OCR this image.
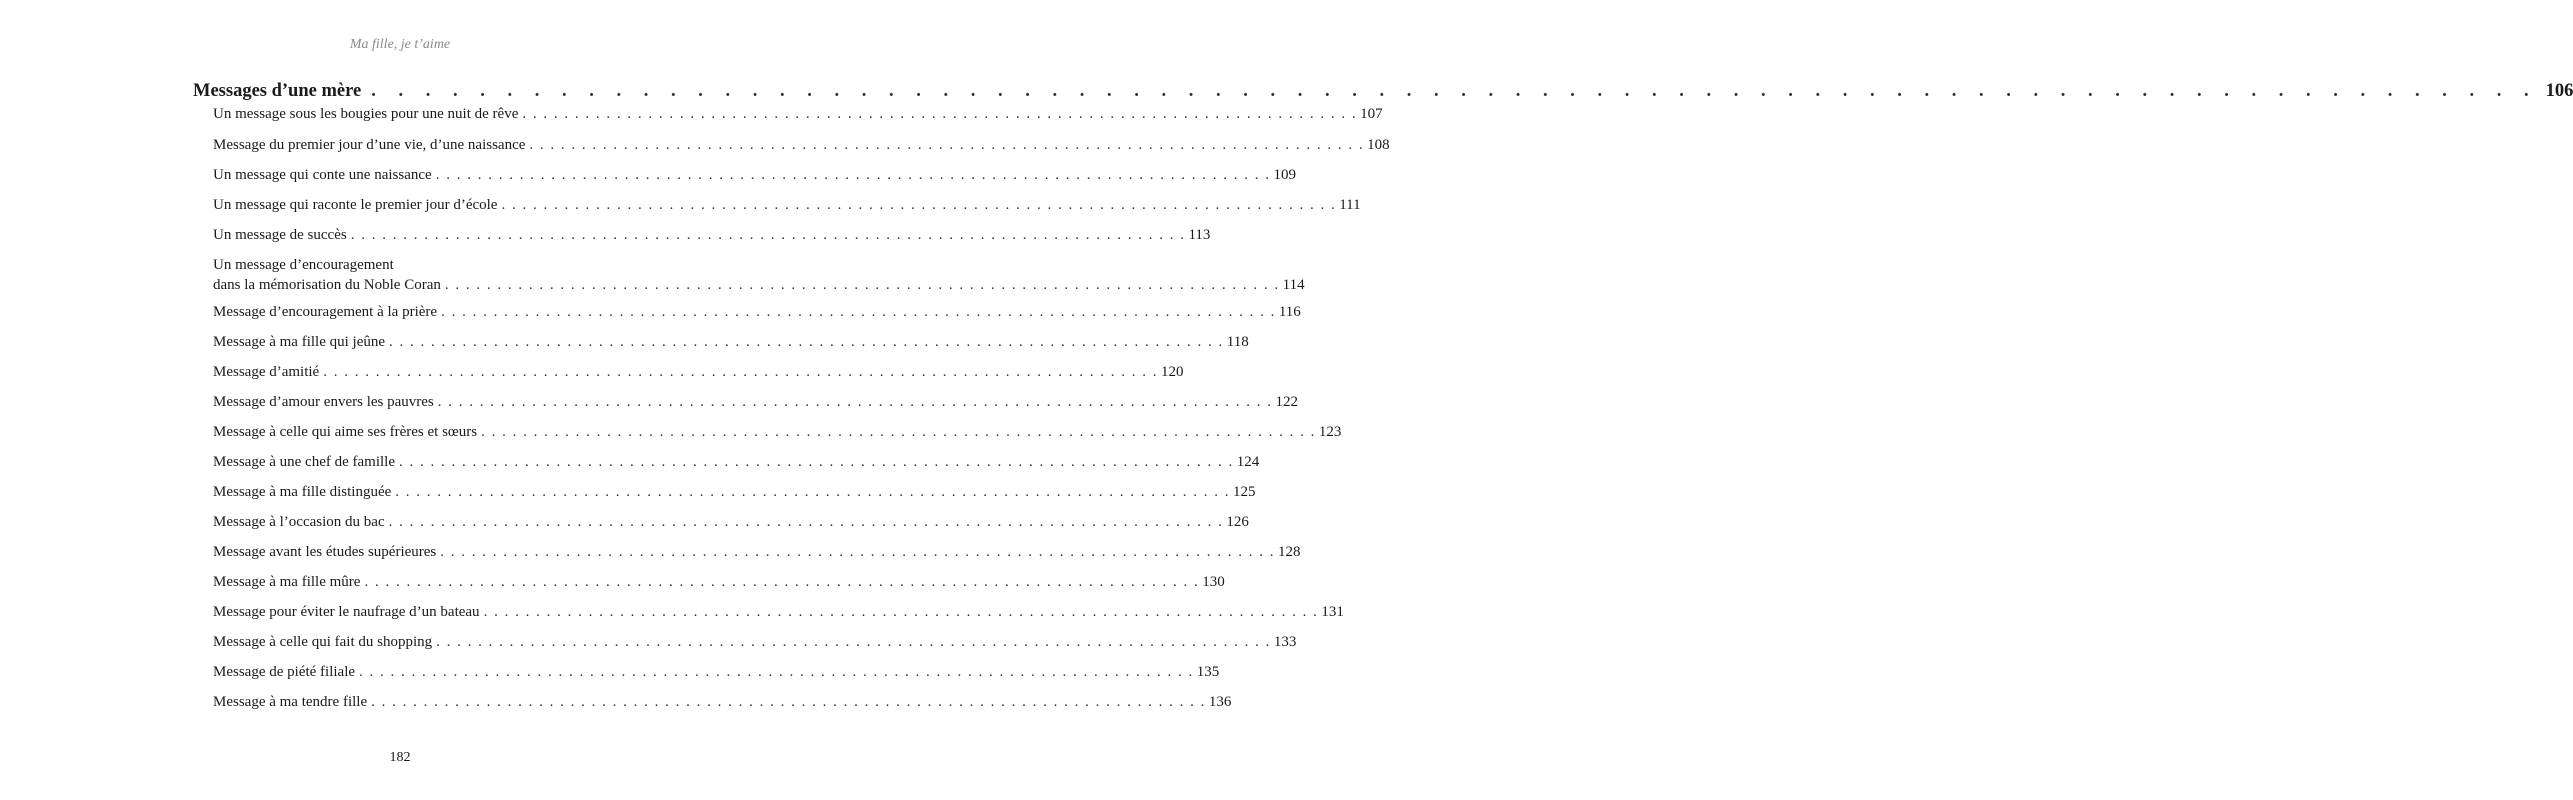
Ma fille, je t’aime
Messages d’une mère . . . . . . . . . . . . . . . . . . . . . . . . . . . . . . . . . . . . . . . . . . . . . . . . . . . . . . . . . . . . . . . . . . . . . . . . . . . . . . . . 106
Un message sous les bougies pour une nuit de rêve . . . . . . . . . . . . . . . . . . . . . . . . . . . . . . . . . . . . . . . . . . . . . . . . . . . . . . . . . . . . . . . . . . . . . . . . . . . . . . . . 107
Message du premier jour d’une vie, d’une naissance . . . . . . . . . . . . . . . . . . . . . . . . . . . . . . . . . . . . . . . . . . . . . . . . . . . . . . . . . . . . . . . . . . . . . . . . . . . . . . . . 108
Un message qui conte une naissance . . . . . . . . . . . . . . . . . . . . . . . . . . . . . . . . . . . . . . . . . . . . . . . . . . . . . . . . . . . . . . . . . . . . . . . . . . . . . . . . 109
Un message qui raconte le premier jour d’école . . . . . . . . . . . . . . . . . . . . . . . . . . . . . . . . . . . . . . . . . . . . . . . . . . . . . . . . . . . . . . . . . . . . . . . . . . . . . . . . 111
Un message de succès . . . . . . . . . . . . . . . . . . . . . . . . . . . . . . . . . . . . . . . . . . . . . . . . . . . . . . . . . . . . . . . . . . . . . . . . . . . . . . . . 113
Un message d’encouragement
dans la mémorisation du Noble Coran . . . . . . . . . . . . . . . . . . . . . . . . . . . . . . . . . . . . . . . . . . . . . . . . . . . . . . . . . . . . . . . . . . . . . . . . . . . . . . . . 114
Message d’encouragement à la prière . . . . . . . . . . . . . . . . . . . . . . . . . . . . . . . . . . . . . . . . . . . . . . . . . . . . . . . . . . . . . . . . . . . . . . . . . . . . . . . . 116
Message à ma fille qui jeûne . . . . . . . . . . . . . . . . . . . . . . . . . . . . . . . . . . . . . . . . . . . . . . . . . . . . . . . . . . . . . . . . . . . . . . . . . . . . . . . . 118
Message d’amitié . . . . . . . . . . . . . . . . . . . . . . . . . . . . . . . . . . . . . . . . . . . . . . . . . . . . . . . . . . . . . . . . . . . . . . . . . . . . . . . . 120
Message d’amour envers les pauvres . . . . . . . . . . . . . . . . . . . . . . . . . . . . . . . . . . . . . . . . . . . . . . . . . . . . . . . . . . . . . . . . . . . . . . . . . . . . . . . . 122
Message à celle qui aime ses frères et sœurs . . . . . . . . . . . . . . . . . . . . . . . . . . . . . . . . . . . . . . . . . . . . . . . . . . . . . . . . . . . . . . . . . . . . . . . . . . . . . . . . 123
Message à une chef de famille . . . . . . . . . . . . . . . . . . . . . . . . . . . . . . . . . . . . . . . . . . . . . . . . . . . . . . . . . . . . . . . . . . . . . . . . . . . . . . . . 124
Message à ma fille distinguée . . . . . . . . . . . . . . . . . . . . . . . . . . . . . . . . . . . . . . . . . . . . . . . . . . . . . . . . . . . . . . . . . . . . . . . . . . . . . . . . 125
Message à l’occasion du bac . . . . . . . . . . . . . . . . . . . . . . . . . . . . . . . . . . . . . . . . . . . . . . . . . . . . . . . . . . . . . . . . . . . . . . . . . . . . . . . . 126
Message avant les études supérieures . . . . . . . . . . . . . . . . . . . . . . . . . . . . . . . . . . . . . . . . . . . . . . . . . . . . . . . . . . . . . . . . . . . . . . . . . . . . . . . . 128
Message à ma fille mûre . . . . . . . . . . . . . . . . . . . . . . . . . . . . . . . . . . . . . . . . . . . . . . . . . . . . . . . . . . . . . . . . . . . . . . . . . . . . . . . . 130
Message pour éviter le naufrage d’un bateau . . . . . . . . . . . . . . . . . . . . . . . . . . . . . . . . . . . . . . . . . . . . . . . . . . . . . . . . . . . . . . . . . . . . . . . . . . . . . . . . 131
Message à celle qui fait du shopping . . . . . . . . . . . . . . . . . . . . . . . . . . . . . . . . . . . . . . . . . . . . . . . . . . . . . . . . . . . . . . . . . . . . . . . . . . . . . . . . 133
Message de piété filiale . . . . . . . . . . . . . . . . . . . . . . . . . . . . . . . . . . . . . . . . . . . . . . . . . . . . . . . . . . . . . . . . . . . . . . . . . . . . . . . . 135
Message à ma tendre fille . . . . . . . . . . . . . . . . . . . . . . . . . . . . . . . . . . . . . . . . . . . . . . . . . . . . . . . . . . . . . . . . . . . . . . . . . . . . . . . . 136
182
